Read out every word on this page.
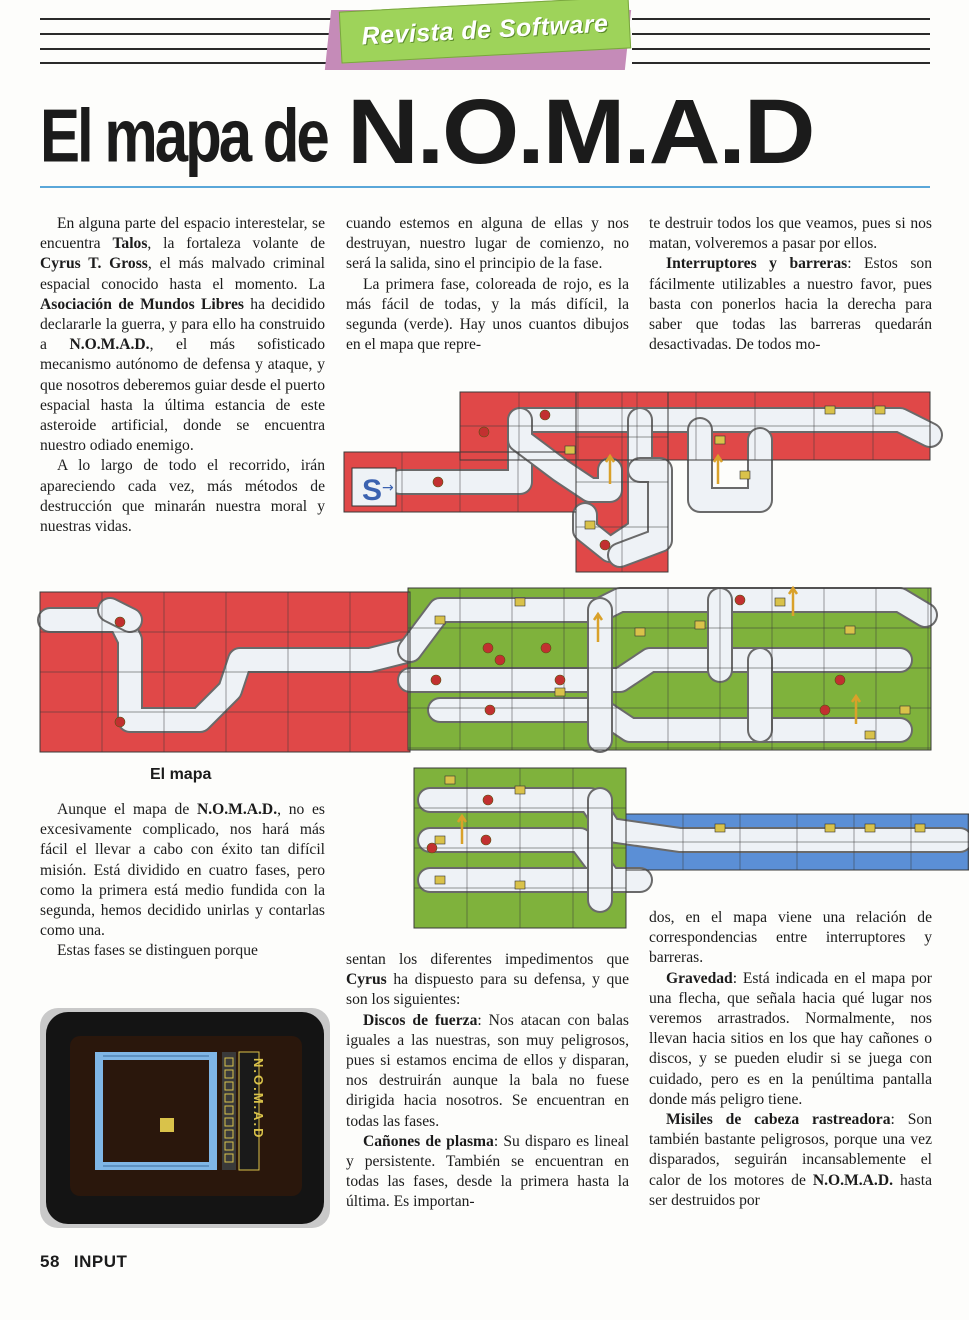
Revista de Software
El mapa de N.O.M.A.D

En alguna parte del espacio interestelar, se encuentra Talos, la fortaleza volante de Cyrus T. Gross, el más malvado criminal espacial conocido hasta el momento. La Asociación de Mundos Libres ha decidido declararle la guerra, y para ello ha construido a N.O.M.A.D., el más sofisticado mecanismo autónomo de defensa y ataque, y que nosotros deberemos guiar desde el puerto espacial hasta la última estancia de este asteroide artificial, donde se encuentra nuestro odiado enemigo.

A lo largo de todo el recorrido, irán apareciendo cada vez, más métodos de destrucción que minarán nuestra moral y nuestras vidas.

cuando estemos en alguna de ellas y nos destruyan, nuestro lugar de comienzo, no será la salida, sino el principio de la fase.

La primera fase, coloreada de rojo, es la más fácil de todas, y la más difícil, la segunda (verde). Hay unos cuantos dibujos en el mapa que repre-

te destruir todos los que veamos, pues si nos matan, volveremos a pasar por ellos.

Interruptores y barreras: Estos son fácilmente utilizables a nuestro favor, pues basta con ponerlos hacia la derecha para saber que todas las barreras quedarán desactivadas. De todos mo-

El mapa

Aunque el mapa de N.O.M.A.D., no es excesivamente complicado, nos hará más fácil el llevar a cabo con éxito tan difícil misión. Está dividido en cuatro fases, pero como la primera está medio fundida con la segunda, hemos decidido unirlas y contarlas como una.

Estas fases se distinguen porque

sentan los diferentes impedimentos que Cyrus ha dispuesto para su defensa, y que son los siguientes:

Discos de fuerza: Nos atacan con balas iguales a las nuestras, son muy peligrosos, pues si estamos encima de ellos y disparan, nos destruirán aunque la bala no fuese dirigida hacia nosotros. Se encuentran en todas las fases.

Cañones de plasma: Su disparo es lineal y persistente. También se encuentran en todas las fases, desde la primera hasta la última. Es importan-

dos, en el mapa viene una relación de correspondencias entre interruptores y barreras.

Gravedad: Está indicada en el mapa por una flecha, que señala hacia qué lugar nos veremos arrastrados. Normalmente, nos llevan hacia sitios en los que hay cañones o discos, y se pueden eludir si se juega con cuidado, pero es en la penúltima pantalla donde más peligro tiene.

Misiles de cabeza rastreadora: Son también bastante peligrosos, porque una vez disparados, seguirán incansablemente el calor de los motores de N.O.M.A.D. hasta ser destruidos por

S →
N.O.M.A.D
58 INPUT
